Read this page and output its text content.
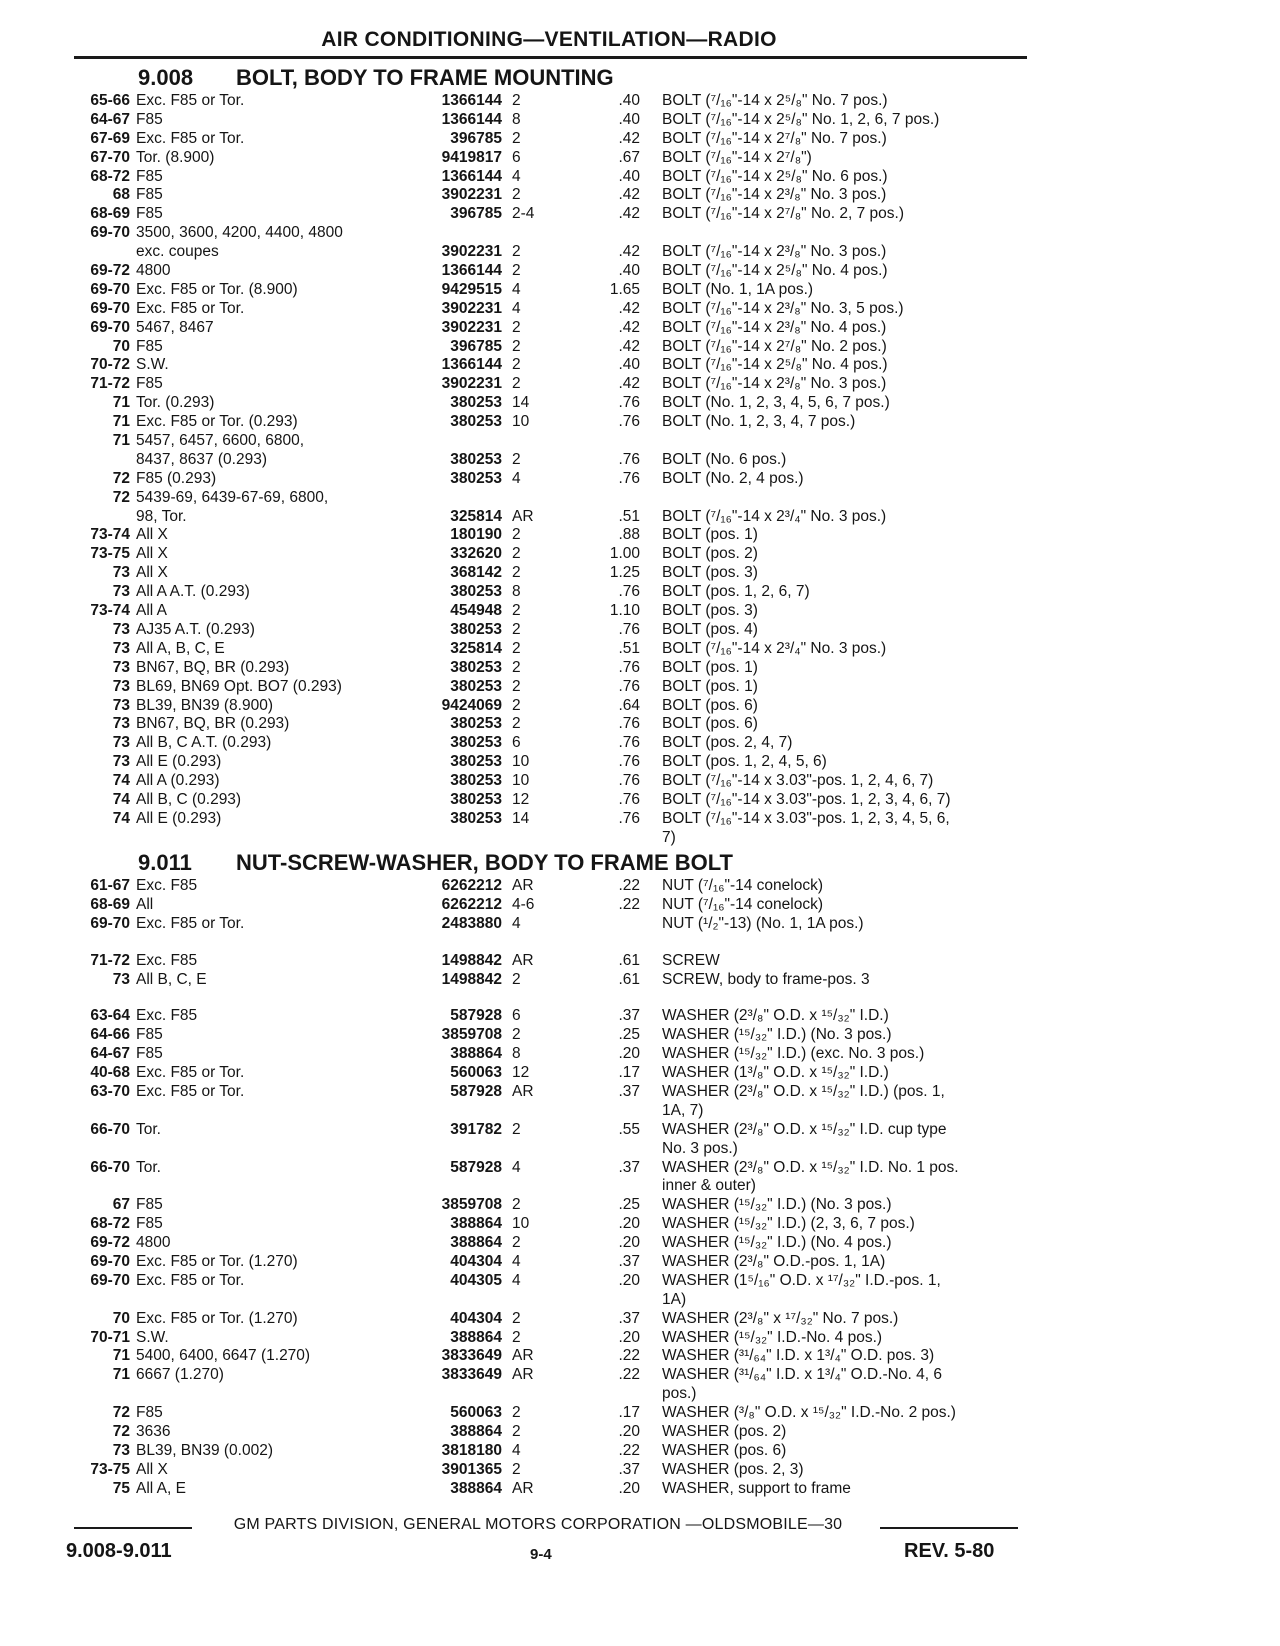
AIR CONDITIONING—VENTILATION—RADIO
9.008 BOLT, BODY TO FRAME MOUNTING
65-66 Exc. F85 or Tor.	1366144 2	.40 BOLT (⁷/₁₆"-14 x 2⁵/₈" No. 7 pos.)
64-67 F85	1366144 8	.40 BOLT (⁷/₁₆"-14 x 2⁵/₈" No. 1, 2, 6, 7 pos.)
67-69 Exc. F85 or Tor.	396785 2	.42 BOLT (⁷/₁₆"-14 x 2⁷/₈" No. 7 pos.)
67-70 Tor. (8.900)	9419817 6	.67 BOLT (⁷/₁₆"-14 x 2⁷/₈")
68-72 F85	1366144 4	.40 BOLT (⁷/₁₆"-14 x 2⁵/₈" No. 6 pos.)
68 F85	3902231 2	.42 BOLT (⁷/₁₆"-14 x 2³/₈" No. 3 pos.)
68-69 F85	396785 2-4	.42 BOLT (⁷/₁₆"-14 x 2⁷/₈" No. 2, 7 pos.)
69-70 3500, 3600, 4200, 4400, 4800
exc. coupes	3902231 2	.42 BOLT (⁷/₁₆"-14 x 2³/₈" No. 3 pos.)
69-72 4800	1366144 2	.40 BOLT (⁷/₁₆"-14 x 2⁵/₈" No. 4 pos.)
69-70 Exc. F85 or Tor. (8.900)	9429515 4	1.65 BOLT (No. 1, 1A pos.)
69-70 Exc. F85 or Tor.	3902231 4	.42 BOLT (⁷/₁₆"-14 x 2³/₈" No. 3, 5 pos.)
69-70 5467, 8467	3902231 2	.42 BOLT (⁷/₁₆"-14 x 2³/₈" No. 4 pos.)
70 F85	396785 2	.42 BOLT (⁷/₁₆"-14 x 2⁷/₈" No. 2 pos.)
70-72 S.W.	1366144 2	.40 BOLT (⁷/₁₆"-14 x 2⁵/₈" No. 4 pos.)
71-72 F85	3902231 2	.42 BOLT (⁷/₁₆"-14 x 2³/₈" No. 3 pos.)
71 Tor. (0.293)	380253 14	.76 BOLT (No. 1, 2, 3, 4, 5, 6, 7 pos.)
71 Exc. F85 or Tor. (0.293)	380253 10	.76 BOLT (No. 1, 2, 3, 4, 7 pos.)
71 5457, 6457, 6600, 6800,
8437, 8637 (0.293)	380253 2	.76 BOLT (No. 6 pos.)
72 F85 (0.293)	380253 4	.76 BOLT (No. 2, 4 pos.)
72 5439-69, 6439-67-69, 6800,
98, Tor.	325814 AR	.51 BOLT (⁷/₁₆"-14 x 2³/₄" No. 3 pos.)
73-74 All X	180190 2	.88 BOLT (pos. 1)
73-75 All X	332620 2	1.00 BOLT (pos. 2)
73 All X	368142 2	1.25 BOLT (pos. 3)
73 All A A.T. (0.293)	380253 8	.76 BOLT (pos. 1, 2, 6, 7)
73-74 All A	454948 2	1.10 BOLT (pos. 3)
73 AJ35 A.T. (0.293)	380253 2	.76 BOLT (pos. 4)
73 All A, B, C, E	325814 2	.51 BOLT (⁷/₁₆"-14 x 2³/₄" No. 3 pos.)
73 BN67, BQ, BR (0.293)	380253 2	.76 BOLT (pos. 1)
73 BL69, BN69 Opt. BO7 (0.293)	380253 2	.76 BOLT (pos. 1)
73 BL39, BN39 (8.900)	9424069 2	.64 BOLT (pos. 6)
73 BN67, BQ, BR (0.293)	380253 2	.76 BOLT (pos. 6)
73 All B, C A.T. (0.293)	380253 6	.76 BOLT (pos. 2, 4, 7)
73 All E (0.293)	380253 10	.76 BOLT (pos. 1, 2, 4, 5, 6)
74 All A (0.293)	380253 10	.76 BOLT (⁷/₁₆"-14 x 3.03"-pos. 1, 2, 4, 6, 7)
74 All B, C (0.293)	380253 12	.76 BOLT (⁷/₁₆"-14 x 3.03"-pos. 1, 2, 3, 4, 6, 7)
74 All E (0.293)	380253 14	.76 BOLT (⁷/₁₆"-14 x 3.03"-pos. 1, 2, 3, 4, 5, 6,
7)
9.011 NUT-SCREW-WASHER, BODY TO FRAME BOLT
61-67 Exc. F85	6262212 AR	.22 NUT (⁷/₁₆"-14 conelock)
68-69 All	6262212 4-6	.22 NUT (⁷/₁₆"-14 conelock)
69-70 Exc. F85 or Tor.	2483880 4	NUT (¹/₂"-13) (No. 1, 1A pos.)
71-72 Exc. F85	1498842 AR	.61 SCREW
73 All B, C, E	1498842 2	.61 SCREW, body to frame-pos. 3
63-64 Exc. F85	587928 6	.37 WASHER (2³/₈" O.D. x ¹⁵/₃₂" I.D.)
64-66 F85	3859708 2	.25 WASHER (¹⁵/₃₂" I.D.) (No. 3 pos.)
64-67 F85	388864 8	.20 WASHER (¹⁵/₃₂" I.D.) (exc. No. 3 pos.)
40-68 Exc. F85 or Tor.	560063 12	.17 WASHER (1³/₈" O.D. x ¹⁵/₃₂" I.D.)
63-70 Exc. F85 or Tor.	587928 AR	.37 WASHER (2³/₈" O.D. x ¹⁵/₃₂" I.D.) (pos. 1,
1A, 7)
66-70 Tor.	391782 2	.55 WASHER (2³/₈" O.D. x ¹⁵/₃₂" I.D. cup type
No. 3 pos.)
66-70 Tor.	587928 4	.37 WASHER (2³/₈" O.D. x ¹⁵/₃₂" I.D. No. 1 pos.
inner & outer)
67 F85	3859708 2	.25 WASHER (¹⁵/₃₂" I.D.) (No. 3 pos.)
68-72 F85	388864 10	.20 WASHER (¹⁵/₃₂" I.D.) (2, 3, 6, 7 pos.)
69-72 4800	388864 2	.20 WASHER (¹⁵/₃₂" I.D.) (No. 4 pos.)
69-70 Exc. F85 or Tor. (1.270)	404304 4	.37 WASHER (2³/₈" O.D.-pos. 1, 1A)
69-70 Exc. F85 or Tor.	404305 4	.20 WASHER (1⁵/₁₆" O.D. x ¹⁷/₃₂" I.D.-pos. 1,
1A)
70 Exc. F85 or Tor. (1.270)	404304 2	.37 WASHER (2³/₈" x ¹⁷/₃₂" No. 7 pos.)
70-71 S.W.	388864 2	.20 WASHER (¹⁵/₃₂" I.D.-No. 4 pos.)
71 5400, 6400, 6647 (1.270)	3833649 AR	.22 WASHER (³¹/₆₄" I.D. x 1³/₄" O.D. pos. 3)
71 6667 (1.270)	3833649 AR	.22 WASHER (³¹/₆₄" I.D. x 1³/₄" O.D.-No. 4, 6
pos.)
72 F85	560063 2	.17 WASHER (³/₈" O.D. x ¹⁵/₃₂" I.D.-No. 2 pos.)
72 3636	388864 2	.20 WASHER (pos. 2)
73 BL39, BN39 (0.002)	3818180 4	.22 WASHER (pos. 6)
73-75 All X	3901365 2	.37 WASHER (pos. 2, 3)
75 All A, E	388864 AR	.20 WASHER, support to frame
GM PARTS DIVISION, GENERAL MOTORS CORPORATION —OLDSMOBILE—30
9.008-9.011	9-4	REV. 5-80
